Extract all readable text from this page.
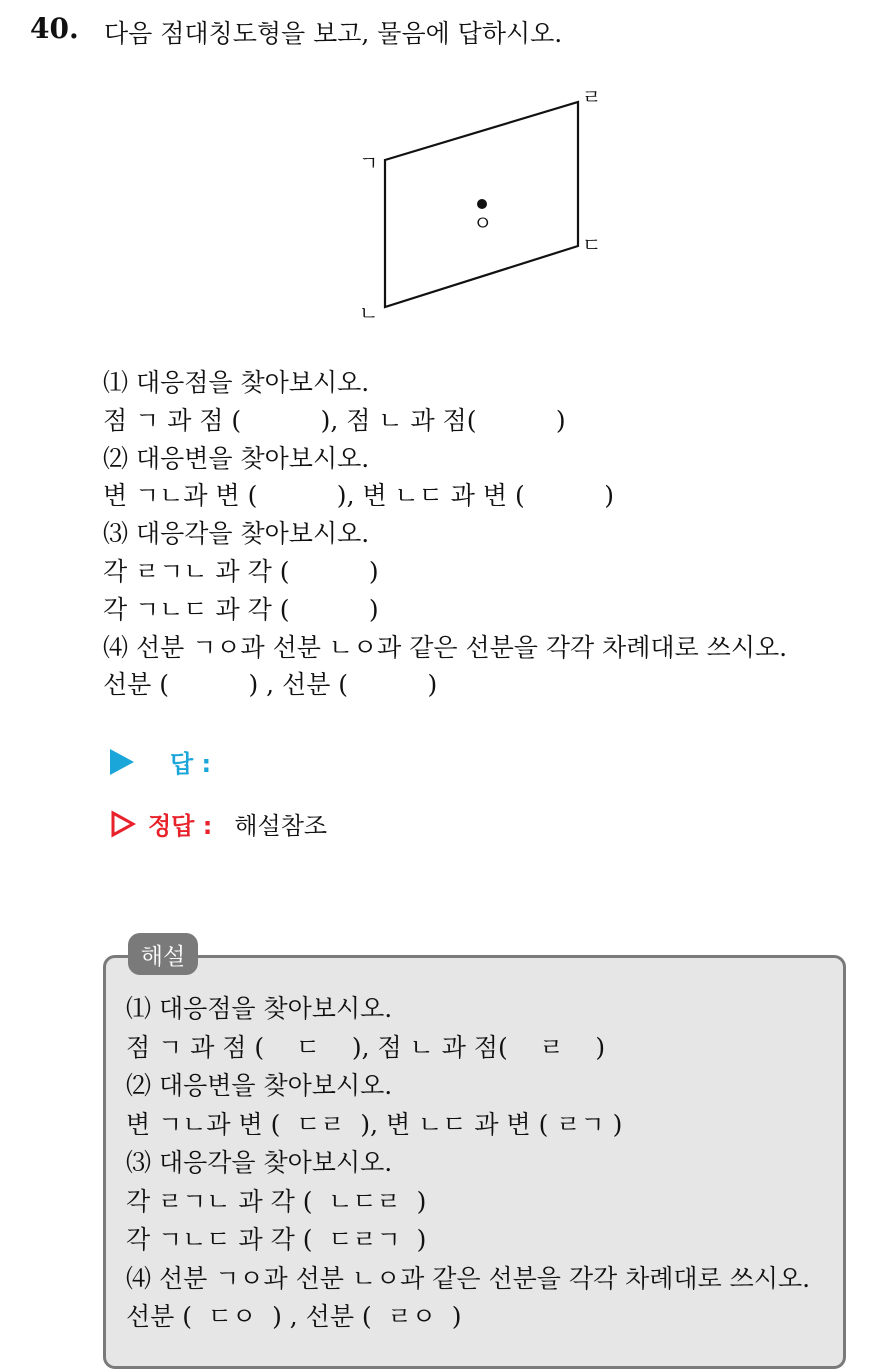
40. 다음 점대칭도형을 보고, 물음에 답하시오.
ㄱ
ㄴ
ㄷ
ㄹ
ㅇ
⑴ 대응점을 찾아보시오.
점 ㄱ 과 점 (          ), 점 ㄴ 과 점(          )
⑵ 대응변을 찾아보시오.
변 ㄱㄴ과 변 (          ), 변 ㄴㄷ 과 변 (          )
⑶ 대응각을 찾아보시오.
각 ㄹㄱㄴ 과 각 (          )
각 ㄱㄴㄷ 과 각 (          )
⑷ 선분 ㄱㅇ과 선분 ㄴㅇ과 같은 선분을 각각 차례대로 쓰시오.
선분 (          ) , 선분 (          )
답 :
정답 : 해설참조
해설
⑴ 대응점을 찾아보시오.
점 ㄱ 과 점 (    ㄷ    ), 점 ㄴ 과 점(    ㄹ    )
⑵ 대응변을 찾아보시오.
변 ㄱㄴ과 변 (  ㄷㄹ  ), 변 ㄴㄷ 과 변 ( ㄹㄱ )
⑶ 대응각을 찾아보시오.
각 ㄹㄱㄴ 과 각 (  ㄴㄷㄹ  )
각 ㄱㄴㄷ 과 각 (  ㄷㄹㄱ  )
⑷ 선분 ㄱㅇ과 선분 ㄴㅇ과 같은 선분을 각각 차례대로 쓰시오.
선분 (  ㄷㅇ  ) , 선분 (  ㄹㅇ  )
